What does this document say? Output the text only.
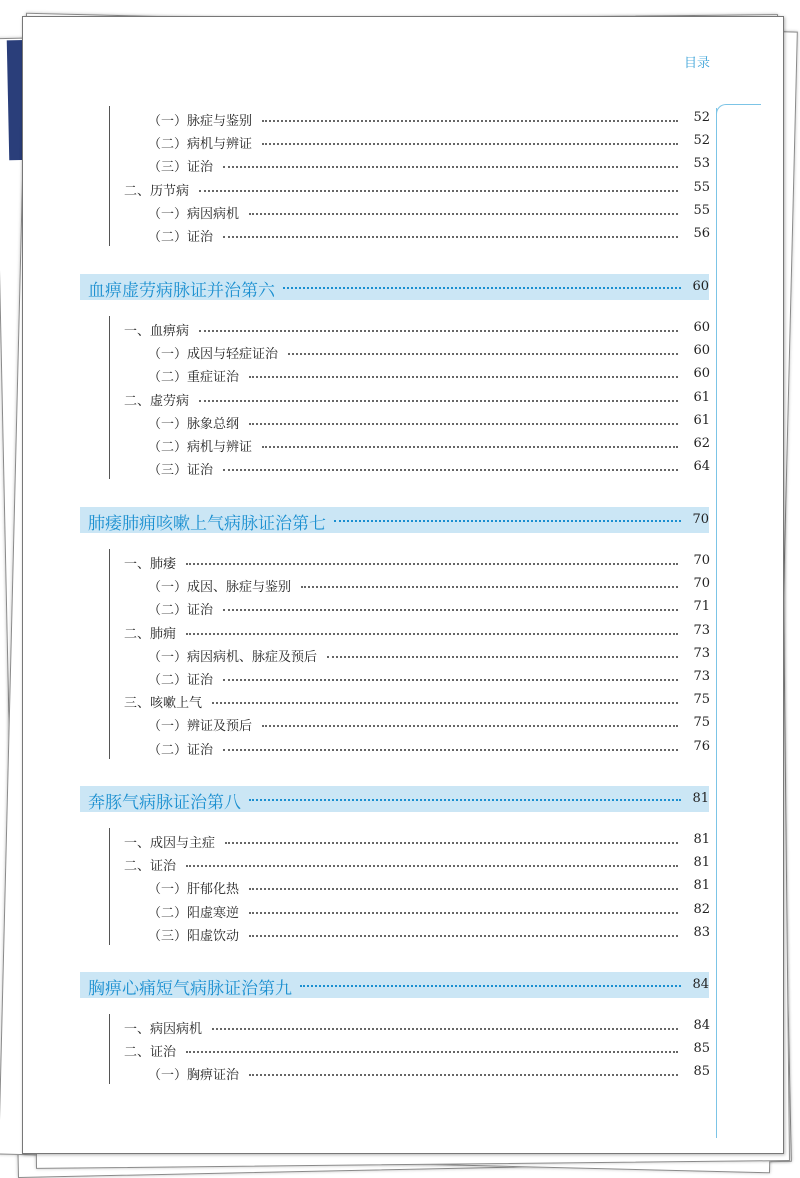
目录
（一）脉症与鉴别	52
（二）病机与辨证	52
（三）证治	53
二、历节病	55
（一）病因病机	55
（二）证治	56
血痹虚劳病脉证并治第六	60
一、血痹病	60
（一）成因与轻症证治	60
（二）重症证治	60
二、虚劳病	61
（一）脉象总纲	61
（二）病机与辨证	62
（三）证治	64
肺痿肺痈咳嗽上气病脉证治第七	70
一、肺痿	70
（一）成因、脉症与鉴别	70
（二）证治	71
二、肺痈	73
（一）病因病机、脉症及预后	73
（二）证治	73
三、咳嗽上气	75
（一）辨证及预后	75
（二）证治	76
奔豚气病脉证治第八	81
一、成因与主症	81
二、证治	81
（一）肝郁化热	81
（二）阳虚寒逆	82
（三）阳虚饮动	83
胸痹心痛短气病脉证治第九	84
一、病因病机	84
二、证治	85
（一）胸痹证治	85
